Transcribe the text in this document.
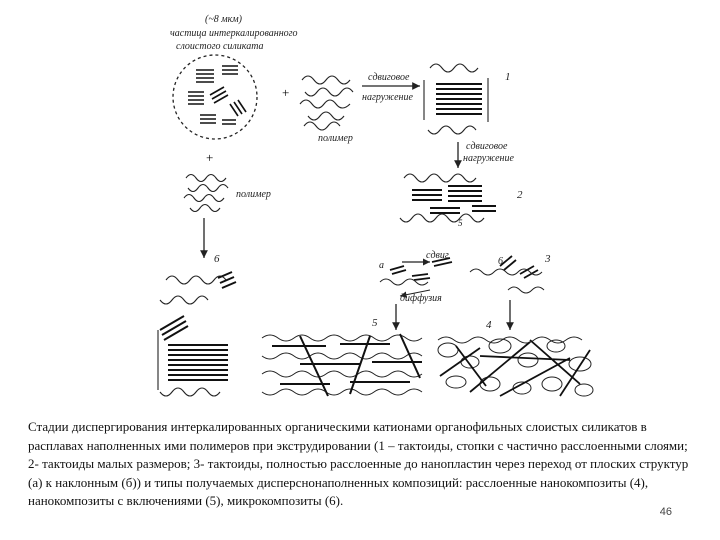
(~8 мкм)
частица интеркалированного
слоистого силиката
+
полимер
сдвиговое
нагружение
1
сдвиговое
нагружение
2
5
+
полимер
6
а
сдвиг
6	3
диффузия
5	4
Стадии диспергирования интеркалированных органическими катионами органофильных слоистых силикатов в расплавах наполненных ими полимеров при экструдировании (1 – тактоиды, стопки с частично расслоенными слоями; 2- тактоиды малых размеров; 3- тактоиды, полностью расслоенные до нанопластин через переход от плоских структур (а) к наклонным (б)) и типы получаемых дисперснонаполненных композиций: расслоенные нанокомпозиты (4), нанокомпозиты с включениями (5), микрокомпозиты (6).
46
